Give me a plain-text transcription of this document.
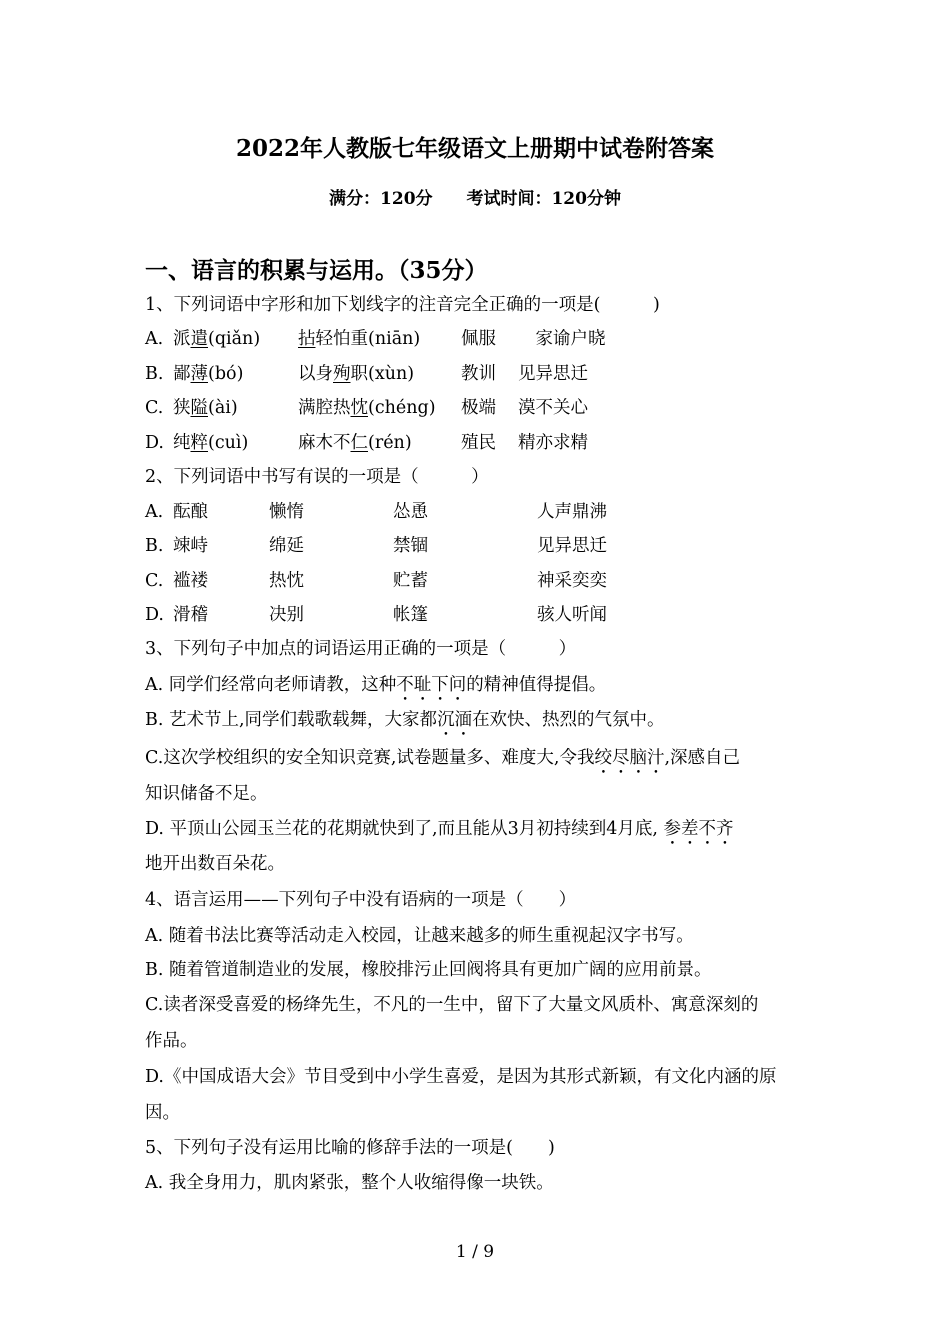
2022年人教版七年级语文上册期中试卷附答案
满分：120分 考试时间：120分钟
一、语言的积累与运用。（35分）
1、下列词语中字形和加下划线字的注音完全正确的一项是(　　　)
A. 派遣(qiǎn) 拈轻怕重(niān) 佩服 　家谕户晓
B. 鄙薄(bó)	以身殉职(xùn)	教训 见异思迁
C. 狭隘(ài)	满腔热忱(chéng) 极端 漠不关心
D. 纯粹(cuì)	麻木不仁(rén)	殖民 精亦求精
2、下列词语中书写有误的一项是（　　　）
A. 酝酿	懒惰	怂恿	人声鼎沸
B. 竦峙	绵延	禁锢	见异思迁
C. 褴褛	热忱	贮蓄	神采奕奕
D. 滑稽	决别	帐篷	骇人听闻
3、下列句子中加点的词语运用正确的一项是（　　　）
A. 同学们经常向老师请教，这种不耻下问的精神值得提倡。
B. 艺术节上,同学们载歌载舞，大家都沉湎在欢快、热烈的气氛中。
C.这次学校组织的安全知识竞赛,试卷题量多、难度大,令我绞尽脑汁,深感自己
知识储备不足。
D. 平顶山公园玉兰花的花期就快到了,而且能从3月初持续到4月底, 参差不齐
地开出数百朵花。
4、语言运用——下列句子中没有语病的一项是（　　）
A. 随着书法比赛等活动走入校园，让越来越多的师生重视起汉字书写。
B. 随着管道制造业的发展，橡胶排污止回阀将具有更加广阔的应用前景。
C.读者深受喜爱的杨绛先生，不凡的一生中，留下了大量文风质朴、寓意深刻的
作品。
D.《中国成语大会》节目受到中小学生喜爱，是因为其形式新颖，有文化内涵的原
因。
5、下列句子没有运用比喻的修辞手法的一项是(　　)
A. 我全身用力，肌肉紧张，整个人收缩得像一块铁。
1 / 9
